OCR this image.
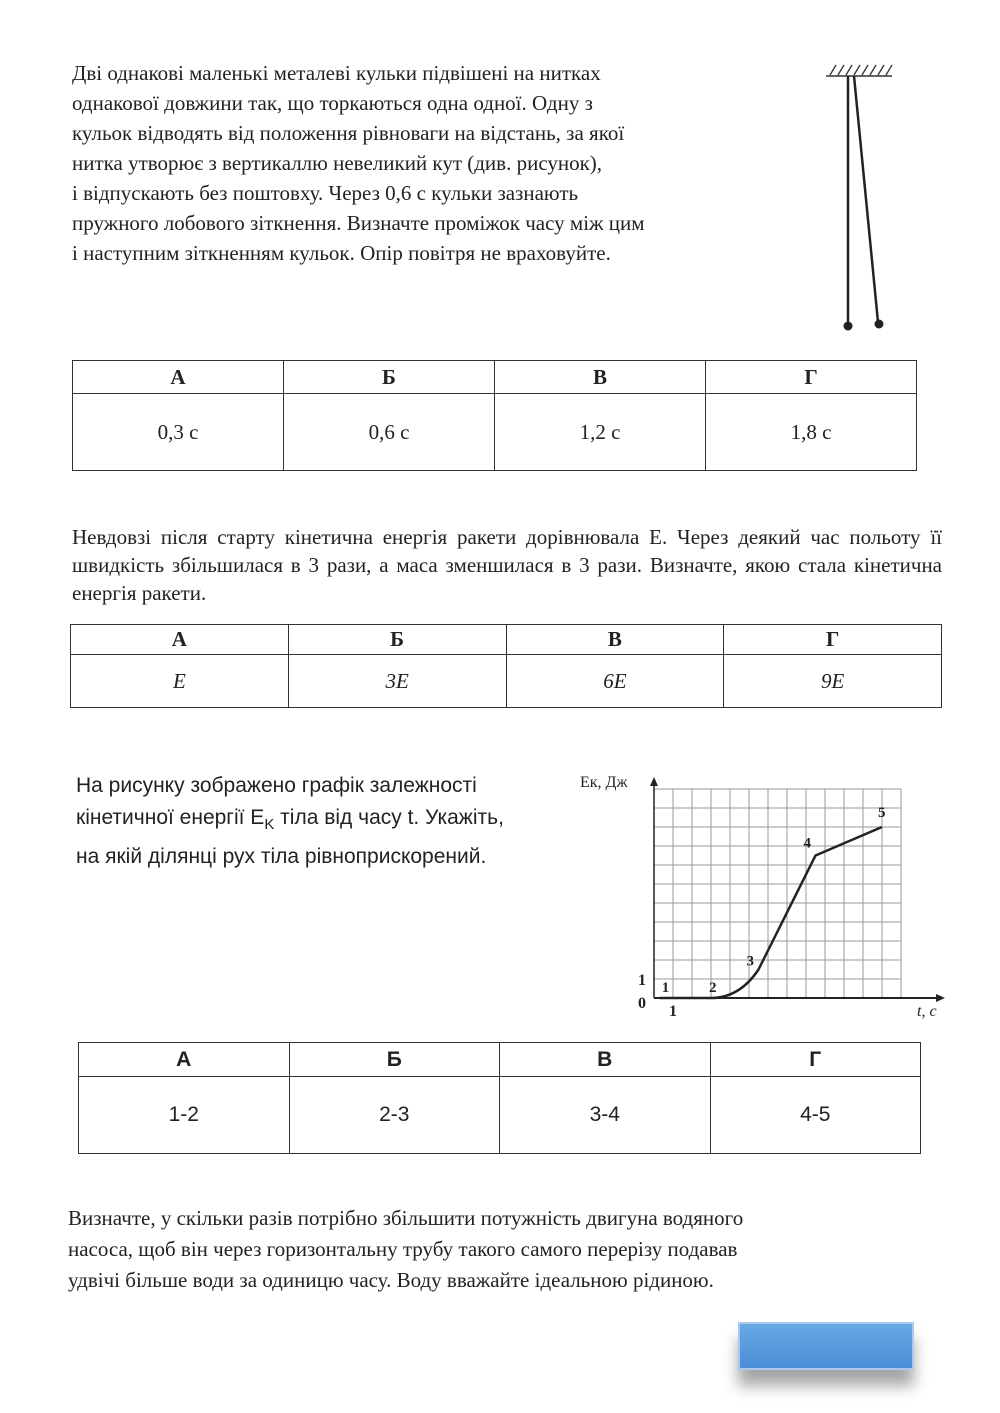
Дві однакові маленькі металеві кульки підвішені на нитках
однакової довжини так, що торкаються одна одної. Одну з
кульок відводять від положення рівноваги на відстань, за якої
нитка утворює з вертикаллю невеликий кут (див. рисунок),
і відпускають без поштовху. Через 0,6 с кульки зазнають
пружного лобового зіткнення. Визначте проміжок часу між цим
і наступним зіткненням кульок. Опір повітря не враховуйте.

А	Б	В	Г
0,3 с	0,6 с	1,2 с	1,8 с

Невдовзі після старту кінетична енергія ракети дорівнювала E. Через деякий час польоту її швидкість збільшилася в 3 рази, а маса зменшилася в 3 рази. Визначте, якою стала кінетична енергія ракети.

А	Б	В	Г
E	3E	6E	9E

На рисунку зображено графік залежності
кінетичної енергії $E_K$ тіла від часу t. Укажіть,
на якій ділянці рух тіла рівноприскорений.

Eк, Дж
t, с
0 1
1 1	2
3
4
5
А	Б	В	Г
1-2	2-3	3-4	4-5

Визначте, у скільки разів потрібно збільшити потужність двигуна водяного
насоса, щоб він через горизонтальну трубу такого самого перерізу подавав
удвічі більше води за одиницю часу. Воду вважайте ідеальною рідиною.
